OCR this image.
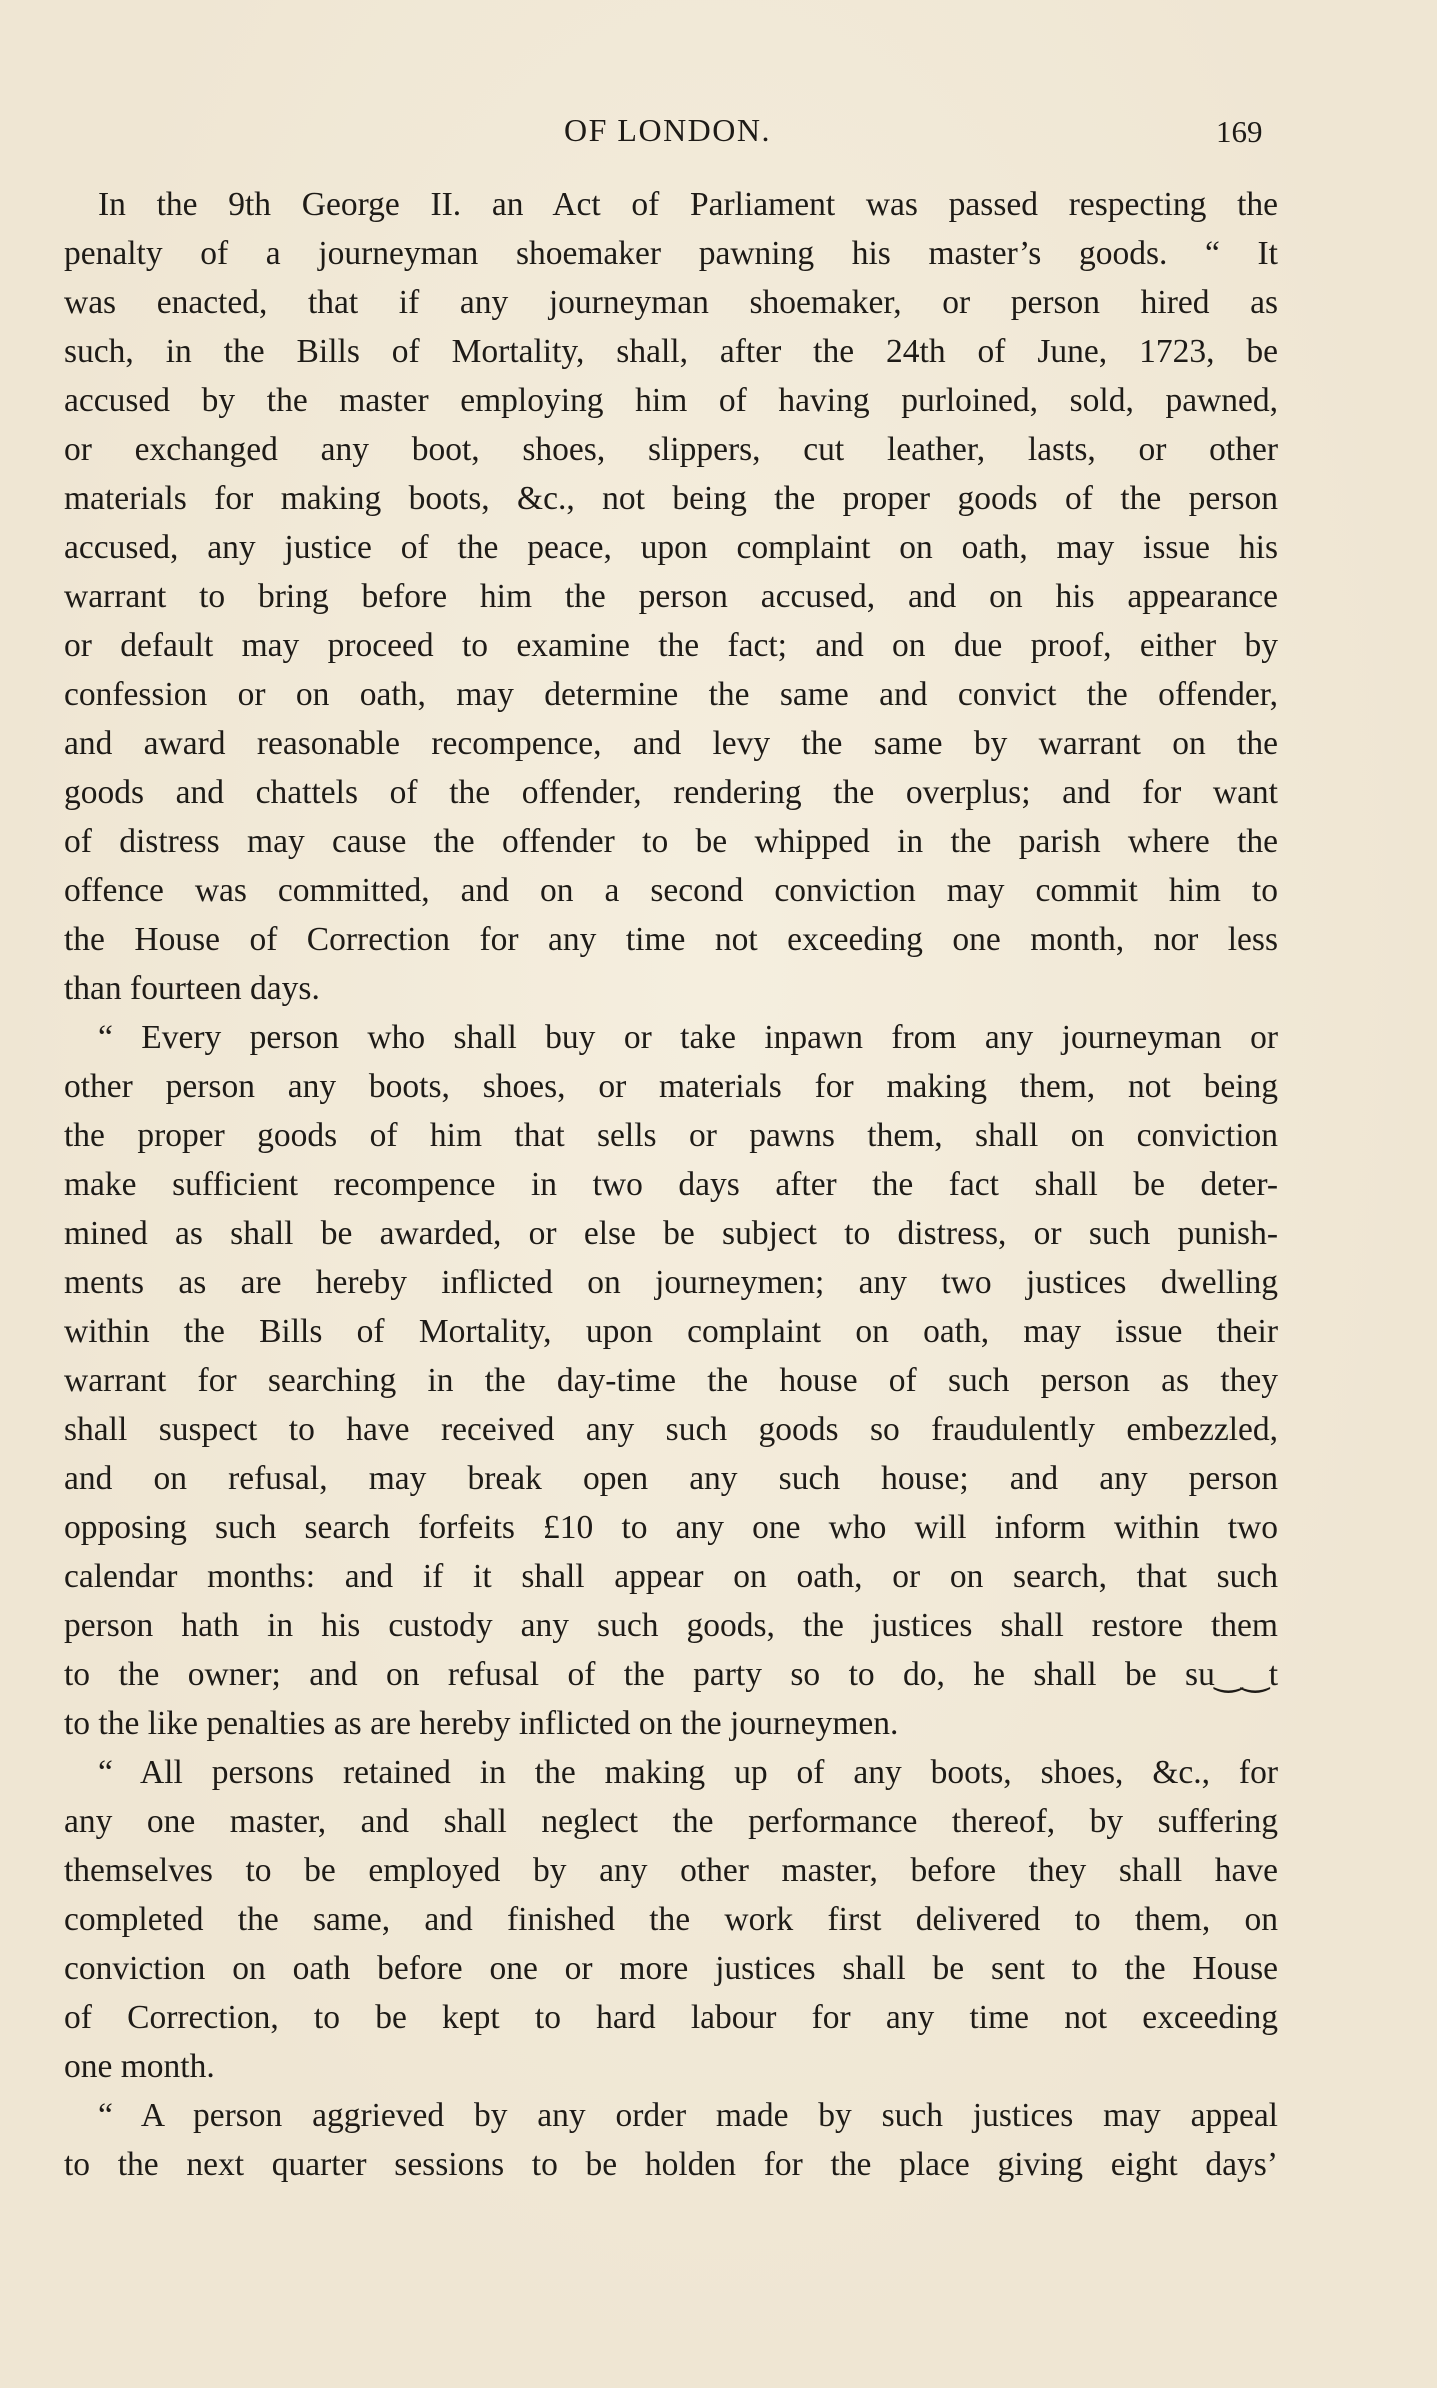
OF LONDON.	169
In the 9th George II. an Act of Parliament was passed respecting the
penalty of a journeyman shoemaker pawning his master’s goods. “ It
was enacted, that if any journeyman shoemaker, or person hired as
such, in the Bills of Mortality, shall, after the 24th of June, 1723, be
accused by the master employing him of having purloined, sold, pawned,
or exchanged any boot, shoes, slippers, cut leather, lasts, or other
materials for making boots, &c., not being the proper goods of the person
accused, any justice of the peace, upon complaint on oath, may issue his
warrant to bring before him the person accused, and on his appearance
or default may proceed to examine the fact; and on due proof, either by
confession or on oath, may determine the same and convict the offender,
and award reasonable recompence, and levy the same by warrant on the
goods and chattels of the offender, rendering the overplus; and for want
of distress may cause the offender to be whipped in the parish where the
offence was committed, and on a second conviction may commit him to
the House of Correction for any time not exceeding one month, nor less
than fourteen days.
“ Every person who shall buy or take inpawn from any journeyman or
other person any boots, shoes, or materials for making them, not being
the proper goods of him that sells or pawns them, shall on conviction
make sufficient recompence in two days after the fact shall be deter-
mined as shall be awarded, or else be subject to distress, or such punish-
ments as are hereby inflicted on journeymen; any two justices dwelling
within the Bills of Mortality, upon complaint on oath, may issue their
warrant for searching in the day-time the house of such person as they
shall suspect to have received any such goods so fraudulently embezzled,
and on refusal, may break open any such house; and any person
opposing such search forfeits £10 to any one who will inform within two
calendar months: and if it shall appear on oath, or on search, that such
person hath in his custody any such goods, the justices shall restore them
to the owner; and on refusal of the party so to do, he shall be su‿‿t
to the like penalties as are hereby inflicted on the journeymen.
“ All persons retained in the making up of any boots, shoes, &c., for
any one master, and shall neglect the performance thereof, by suffering
themselves to be employed by any other master, before they shall have
completed the same, and finished the work first delivered to them, on
conviction on oath before one or more justices shall be sent to the House
of Correction, to be kept to hard labour for any time not exceeding
one month.
“ A person aggrieved by any order made by such justices may appeal
to the next quarter sessions to be holden for the place giving eight days’
